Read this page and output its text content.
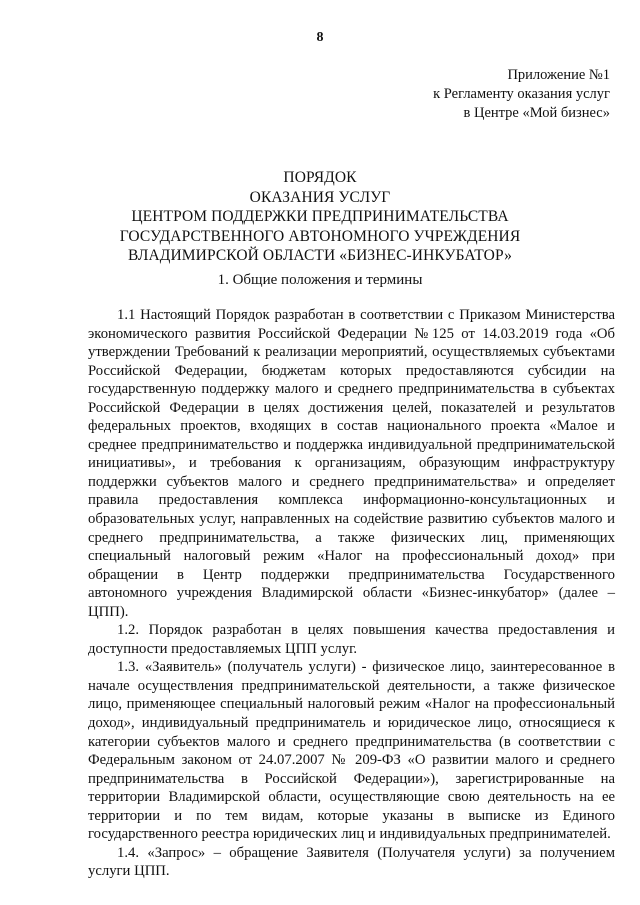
8
Приложение №1
к Регламенту оказания услуг
в Центре «Мой бизнес»
ПОРЯДОК
ОКАЗАНИЯ УСЛУГ
ЦЕНТРОМ ПОДДЕРЖКИ ПРЕДПРИНИМАТЕЛЬСТВА
ГОСУДАРСТВЕННОГО АВТОНОМНОГО УЧРЕЖДЕНИЯ
ВЛАДИМИРСКОЙ ОБЛАСТИ «БИЗНЕС-ИНКУБАТОР»
1. Общие положения и термины
1.1 Настоящий Порядок разработан в соответствии с Приказом Министерства
экономического развития Российской Федерации №125 от 14.03.2019 года «Об
утверждении Требований к реализации мероприятий, осуществляемых субъектами
Российской Федерации, бюджетам которых предоставляются субсидии на
государственную поддержку малого и среднего предпринимательства в субъектах
Российской Федерации в целях достижения целей, показателей и результатов
федеральных проектов, входящих в состав национального проекта «Малое и
среднее предпринимательство и поддержка индивидуальной предпринимательской
инициативы», и требования к организациям, образующим инфраструктуру
поддержки субъектов малого и среднего предпринимательства» и определяет
правила предоставления комплекса информационно-консультационных и
образовательных услуг, направленных на содействие развитию субъектов малого и
среднего предпринимательства, а также физических лиц, применяющих
специальный налоговый режим «Налог на профессиональный доход» при
обращении в Центр поддержки предпринимательства Государственного
автономного учреждения Владимирской области «Бизнес-инкубатор» (далее –
ЦПП).
1.2. Порядок разработан в целях повышения качества предоставления и
доступности предоставляемых ЦПП услуг.
1.3. «Заявитель» (получатель услуги) - физическое лицо, заинтересованное в
начале осуществления предпринимательской деятельности, а также физическое
лицо, применяющее специальный налоговый режим «Налог на профессиональный
доход», индивидуальный предприниматель и юридическое лицо, относящиеся к
категории субъектов малого и среднего предпринимательства (в соответствии с
Федеральным законом от 24.07.2007 № 209-ФЗ «О развитии малого и среднего
предпринимательства в Российской Федерации»), зарегистрированные на
территории Владимирской области, осуществляющие свою деятельность на ее
территории и по тем видам, которые указаны в выписке из Единого
государственного реестра юридических лиц и индивидуальных предпринимателей.
1.4. «Запрос» – обращение Заявителя (Получателя услуги) за получением
услуги ЦПП.
